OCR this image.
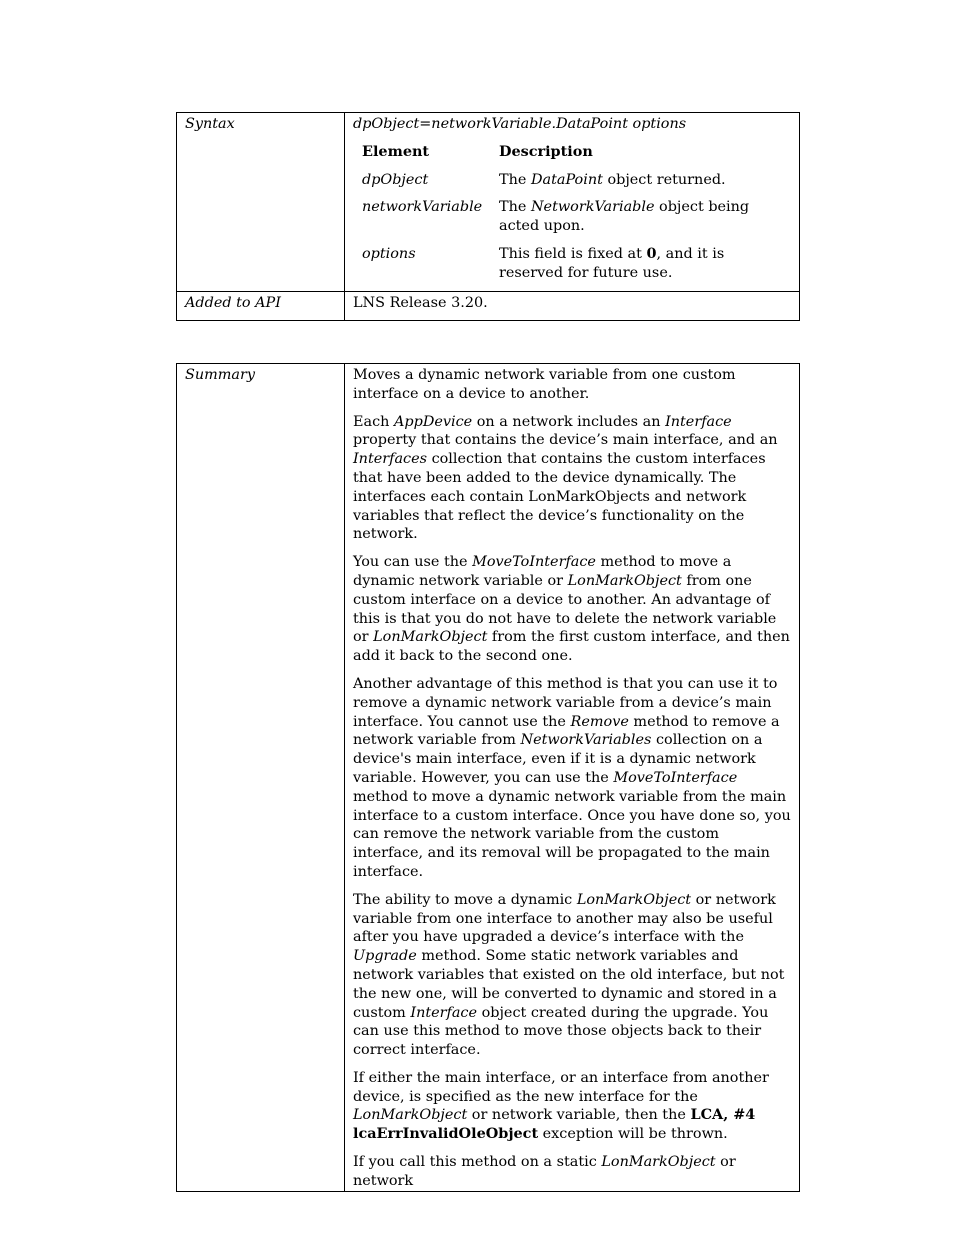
Syntax	dpObject=networkVariable.DataPoint options
Element	Description
dpObject	The DataPoint object returned.
networkVariable	The NetworkVariable object being acted upon.
options	This field is fixed at 0, and it is reserved for future use.

Added to API	LNS Release 3.20.
Summary	Moves a dynamic network variable from one custom interface on a device to another.

Each AppDevice on a network includes an Interface property that contains the device’s main interface, and an Interfaces collection that contains the custom interfaces that have been added to the device dynamically. The interfaces each contain LonMarkObjects and network variables that reflect the device’s functionality on the network.

You can use the MoveToInterface method to move a dynamic network variable or LonMarkObject from one custom interface on a device to another. An advantage of this is that you do not have to delete the network variable or LonMarkObject from the first custom interface, and then add it back to the second one.

Another advantage of this method is that you can use it to remove a dynamic network variable from a device’s main interface. You cannot use the Remove method to remove a network variable from NetworkVariables collection on a device's main interface, even if it is a dynamic network variable. However, you can use the MoveToInterface method to move a dynamic network variable from the main interface to a custom interface. Once you have done so, you can remove the network variable from the custom interface, and its removal will be propagated to the main interface.

The ability to move a dynamic LonMarkObject or network variable from one interface to another may also be useful after you have upgraded a device’s interface with the Upgrade method. Some static network variables and network variables that existed on the old interface, but not the new one, will be converted to dynamic and stored in a custom Interface object created during the upgrade. You can use this method to move those objects back to their correct interface.

If either the main interface, or an interface from another device, is specified as the new interface for the LonMarkObject or network variable, then the LCA, #4 lcaErrInvalidOleObject exception will be thrown.

If you call this method on a static LonMarkObject or network
